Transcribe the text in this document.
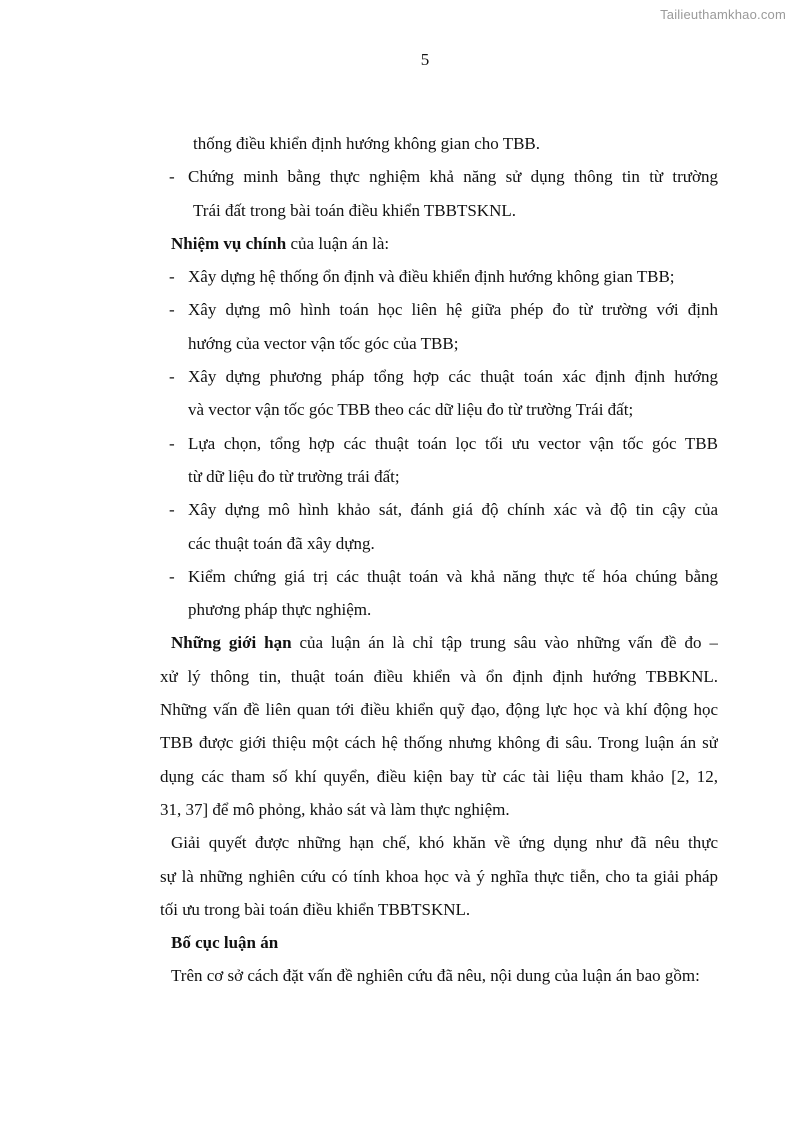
Tailieuthamkhao.com
5
thống điều khiển định hướng không gian cho TBB.
- Chứng minh bằng thực nghiệm khả năng sử dụng thông tin từ trường
Trái đất trong bài toán điều khiển TBBTSKNL.
Nhiệm vụ chính của luận án là:
- Xây dựng hệ thống ổn định và điều khiển định hướng không gian TBB;
- Xây dựng mô hình toán học liên hệ giữa phép đo từ trường với định
hướng của vector vận tốc góc của TBB;
- Xây dựng phương pháp tổng hợp các thuật toán xác định định hướng
và vector vận tốc góc TBB theo các dữ liệu đo từ trường Trái đất;
- Lựa chọn, tổng hợp các thuật toán lọc tối ưu vector vận tốc góc TBB
từ dữ liệu đo từ trường trái đất;
- Xây dựng mô hình khảo sát, đánh giá độ chính xác và độ tin cậy của
các thuật toán đã xây dựng.
- Kiểm chứng giá trị các thuật toán và khả năng thực tế hóa chúng bằng
phương pháp thực nghiệm.
Những giới hạn của luận án là chỉ tập trung sâu vào những vấn đề đo –
xử lý thông tin, thuật toán điều khiển và ổn định định hướng TBBKNL.
Những vấn đề liên quan tới điều khiển quỹ đạo, động lực học và khí động học
TBB được giới thiệu một cách hệ thống nhưng không đi sâu. Trong luận án sử
dụng các tham số khí quyển, điều kiện bay từ các tài liệu tham khảo [2, 12,
31, 37] để mô phỏng, khảo sát và làm thực nghiệm.
Giải quyết được những hạn chế, khó khăn về ứng dụng như đã nêu thực
sự là những nghiên cứu có tính khoa học và ý nghĩa thực tiễn, cho ta giải pháp
tối ưu trong bài toán điều khiển TBBTSKNL.
Bố cục luận án
Trên cơ sở cách đặt vấn đề nghiên cứu đã nêu, nội dung của luận án bao gồm:
